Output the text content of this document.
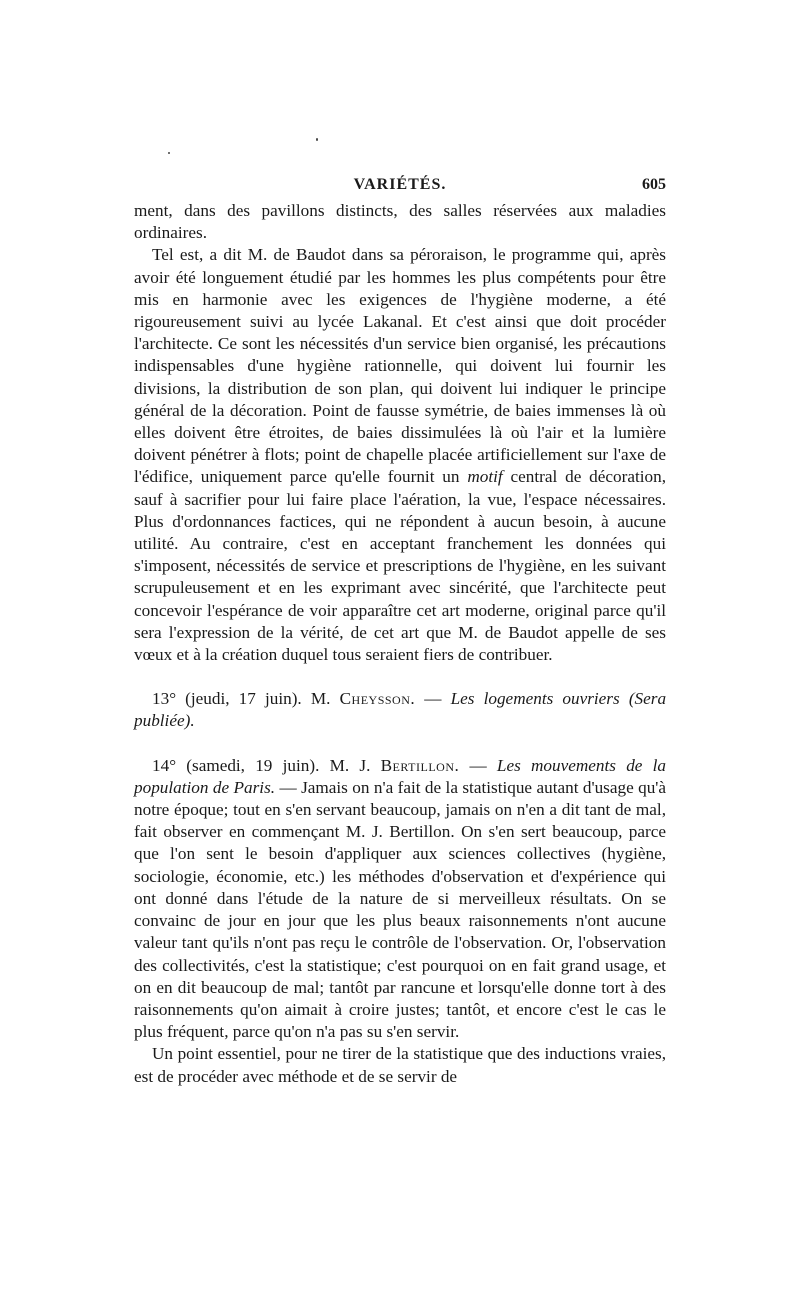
VARIÉTÉS.	605

ment, dans des pavillons distincts, des salles réservées aux maladies ordinaires.

Tel est, a dit M. de Baudot dans sa péroraison, le programme qui, après avoir été longuement étudié par les hommes les plus compétents pour être mis en harmonie avec les exigences de l'hygiène moderne, a été rigoureusement suivi au lycée Lakanal. Et c'est ainsi que doit procéder l'architecte. Ce sont les nécessités d'un service bien organisé, les précautions indispensables d'une hygiène rationnelle, qui doivent lui fournir les divisions, la distribution de son plan, qui doivent lui indiquer le principe général de la décoration. Point de fausse symétrie, de baies immenses là où elles doivent être étroites, de baies dissimulées là où l'air et la lumière doivent pénétrer à flots; point de chapelle placée artificiellement sur l'axe de l'édifice, uniquement parce qu'elle fournit un motif central de décoration, sauf à sacrifier pour lui faire place l'aération, la vue, l'espace nécessaires. Plus d'ordonnances factices, qui ne répondent à aucun besoin, à aucune utilité. Au contraire, c'est en acceptant franchement les données qui s'imposent, nécessités de service et prescriptions de l'hygiène, en les suivant scrupuleusement et en les exprimant avec sincérité, que l'architecte peut concevoir l'espérance de voir apparaître cet art moderne, original parce qu'il sera l'expression de la vérité, de cet art que M. de Baudot appelle de ses vœux et à la création duquel tous seraient fiers de contribuer.

13° (jeudi, 17 juin). M. Cheysson. — Les logements ouvriers (Sera publiée).

14° (samedi, 19 juin). M. J. Bertillon. — Les mouvements de la population de Paris. — Jamais on n'a fait de la statistique autant d'usage qu'à notre époque; tout en s'en servant beaucoup, jamais on n'en a dit tant de mal, fait observer en commençant M. J. Bertillon. On s'en sert beaucoup, parce que l'on sent le besoin d'appliquer aux sciences collectives (hygiène, sociologie, économie, etc.) les méthodes d'observation et d'expérience qui ont donné dans l'étude de la nature de si merveilleux résultats. On se convainc de jour en jour que les plus beaux raisonnements n'ont aucune valeur tant qu'ils n'ont pas reçu le contrôle de l'observation. Or, l'observation des collectivités, c'est la statistique; c'est pourquoi on en fait grand usage, et on en dit beaucoup de mal; tantôt par rancune et lorsqu'elle donne tort à des raisonnements qu'on aimait à croire justes; tantôt, et encore c'est le cas le plus fréquent, parce qu'on n'a pas su s'en servir.

Un point essentiel, pour ne tirer de la statistique que des inductions vraies, est de procéder avec méthode et de se servir de
